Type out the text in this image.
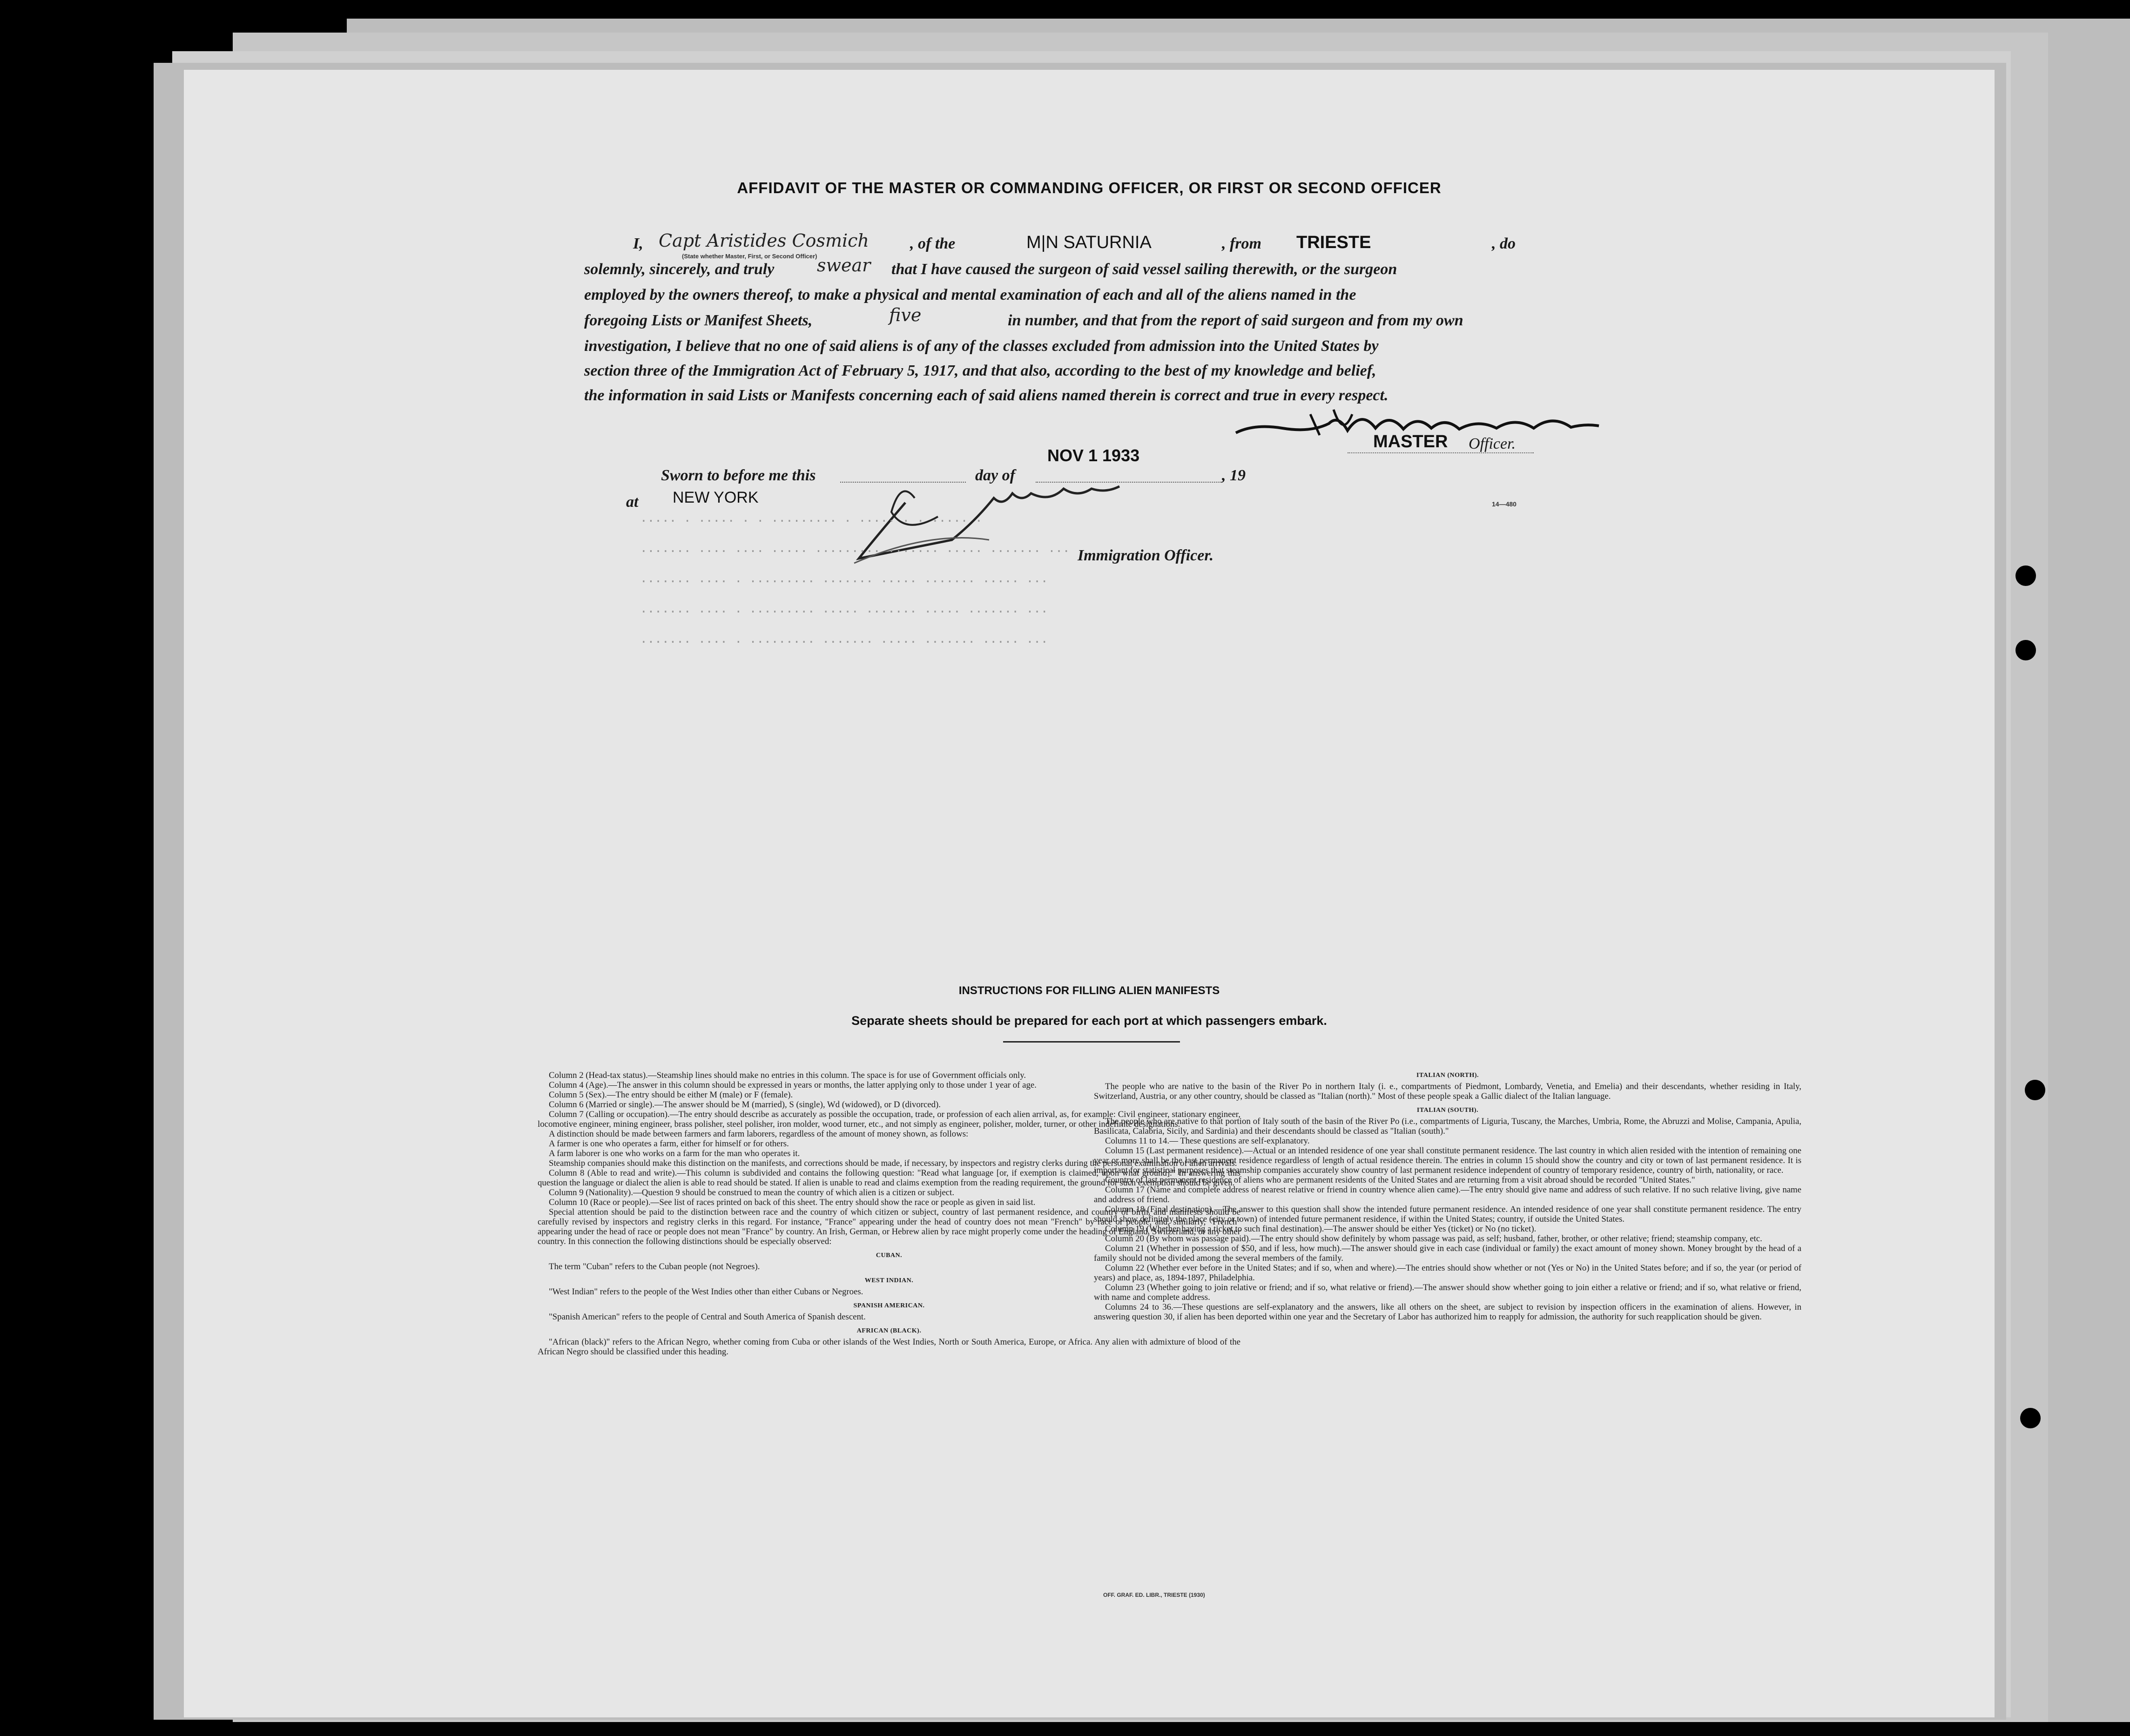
AFFIDAVIT OF THE MASTER OR COMMANDING OFFICER, OR FIRST OR SECOND OFFICER
I, Capt Aristides Cosmich	, of the	M|N SATURNIA	, from TRIESTE	, do
(State whether Master, First, or Second Officer)
solemnly, sincerely, and truly swear that I have caused the surgeon of said vessel sailing therewith, or the surgeon
employed by the owners thereof, to make a physical and mental examination of each and all of the aliens named in the
foregoing Lists or Manifest Sheets,	five	in number, and that from the report of said surgeon and from my own
investigation, I believe that no one of said aliens is of any of the classes excluded from admission into the United States by
section three of the Immigration Act of February 5, 1917, and that also, according to the best of my knowledge and belief,
the information in said Lists or Manifests concerning each of said aliens named therein is correct and true in every respect.
MASTER Officer.
NOV 1 1933
Sworn to before me this	day of	, 19
at NEW YORK
Immigration Officer.
14—480
····· · ····· · · ········· · ····· · · ····· ·
······· ···· ···· ····· ········· ······· ····· ······· ···
······· ···· · ········· ······· ····· ······· ····· ···
······· ···· · ········· ····· ······· ····· ······· ···
······· ···· · ········· ······· ····· ······· ····· ···
INSTRUCTIONS FOR FILLING ALIEN MANIFESTS
Separate sheets should be prepared for each port at which passengers embark.

Column 2 (Head-tax status).—Steamship lines should make no entries in this column. The space is for use of Government officials only.

Column 4 (Age).—The answer in this column should be expressed in years or months, the latter applying only to those under 1 year of age.

Column 5 (Sex).—The entry should be either M (male) or F (female).

Column 6 (Married or single).—The answer should be M (married), S (single), Wd (widowed), or D (divorced).

Column 7 (Calling or occupation).—The entry should describe as accurately as possible the occupation, trade, or profession of each alien arrival, as, for example: Civil engineer, stationary engineer, locomotive engineer, mining engineer, brass polisher, steel polisher, iron molder, wood turner, etc., and not simply as engineer, polisher, molder, turner, or other indefinite designations.

A distinction should be made between farmers and farm laborers, regardless of the amount of money shown, as follows:

A farmer is one who operates a farm, either for himself or for others.

A farm laborer is one who works on a farm for the man who operates it.

Steamship companies should make this distinction on the manifests, and corrections should be made, if necessary, by inspectors and registry clerks during the personal examination of alien arrivals.

Column 8 (Able to read and write).—This column is subdivided and contains the following question: "Read what language [or, if exemption is claimed, upon what ground]." In answering this question the language or dialect the alien is able to read should be stated. If alien is unable to read and claims exemption from the reading requirement, the ground for such exemption should be given.

Column 9 (Nationality).—Question 9 should be construed to mean the country of which alien is a citizen or subject.

Column 10 (Race or people).—See list of races printed on back of this sheet. The entry should show the race or people as given in said list.

Special attention should be paid to the distinction between race and the country of which citizen or subject, country of last permanent residence, and country of birth, and manifests should be carefully revised by inspectors and registry clerks in this regard. For instance, "France" appearing under the head of country does not mean "French" by race or people, and, similarly, "French" appearing under the head of race or people does not mean "France" by country. An Irish, German, or Hebrew alien by race might properly come under the heading of England, Switzerland, or any other country. In this connection the following distinctions should be especially observed:

CUBAN.

The term "Cuban" refers to the Cuban people (not Negroes).

WEST INDIAN.

"West Indian" refers to the people of the West Indies other than either Cubans or Negroes.

SPANISH AMERICAN.

"Spanish American" refers to the people of Central and South America of Spanish descent.

AFRICAN (BLACK).

"African (black)" refers to the African Negro, whether coming from Cuba or other islands of the West Indies, North or South America, Europe, or Africa. Any alien with admixture of blood of the African Negro should be classified under this heading.

ITALIAN (NORTH).

The people who are native to the basin of the River Po in northern Italy (i. e., compartments of Piedmont, Lombardy, Venetia, and Emelia) and their descendants, whether residing in Italy, Switzerland, Austria, or any other country, should be classed as "Italian (north)." Most of these people speak a Gallic dialect of the Italian language.

ITALIAN (SOUTH).

The people who are native to that portion of Italy south of the basin of the River Po (i.e., compartments of Liguria, Tuscany, the Marches, Umbria, Rome, the Abruzzi and Molise, Campania, Apulia, Basilicata, Calabria, Sicily, and Sardinia) and their descendants should be classed as "Italian (south)."

Columns 11 to 14.— These questions are self-explanatory.

Column 15 (Last permanent residence).—Actual or an intended residence of one year shall constitute permanent residence. The last country in which alien resided with the intention of remaining one year or more shall be the last permanent residence regardless of length of actual residence therein. The entries in column 15 should show the country and city or town of last permanent residence. It is important for statistical purposes that steamship companies accurately show country of last permanent residence independent of country of temporary residence, country of birth, nationality, or race.

Country of last permanent residence of aliens who are permanent residents of the United States and are returning from a visit abroad should be recorded "United States."

Column 17 (Name and complete address of nearest relative or friend in country whence alien came).—The entry should give name and address of such relative. If no such relative living, give name and address of friend.

Column 18 (Final destination).—The answer to this question shall show the intended future permanent residence. An intended residence of one year shall constitute permanent residence. The entry should show definitely the place (city or town) of intended future permanent residence, if within the United States; country, if outside the United States.

Column 19 (Whether having a ticket to such final destination).—The answer should be either Yes (ticket) or No (no ticket).

Column 20 (By whom was passage paid).—The entry should show definitely by whom passage was paid, as self; husband, father, brother, or other relative; friend; steamship company, etc.

Column 21 (Whether in possession of $50, and if less, how much).—The answer should give in each case (individual or family) the exact amount of money shown. Money brought by the head of a family should not be divided among the several members of the family.

Column 22 (Whether ever before in the United States; and if so, when and where).—The entries should show whether or not (Yes or No) in the United States before; and if so, the year (or period of years) and place, as, 1894-1897, Philadelphia.

Column 23 (Whether going to join relative or friend; and if so, what relative or friend).—The answer should show whether going to join either a relative or friend; and if so, what relative or friend, with name and complete address.

Columns 24 to 36.—These questions are self-explanatory and the answers, like all others on the sheet, are subject to revision by inspection officers in the examination of aliens. However, in answering question 30, if alien has been deported within one year and the Secretary of Labor has authorized him to reapply for admission, the authority for such reapplication should be given.

OFF. GRAF. ED. LIBR., TRIESTE (1930)
